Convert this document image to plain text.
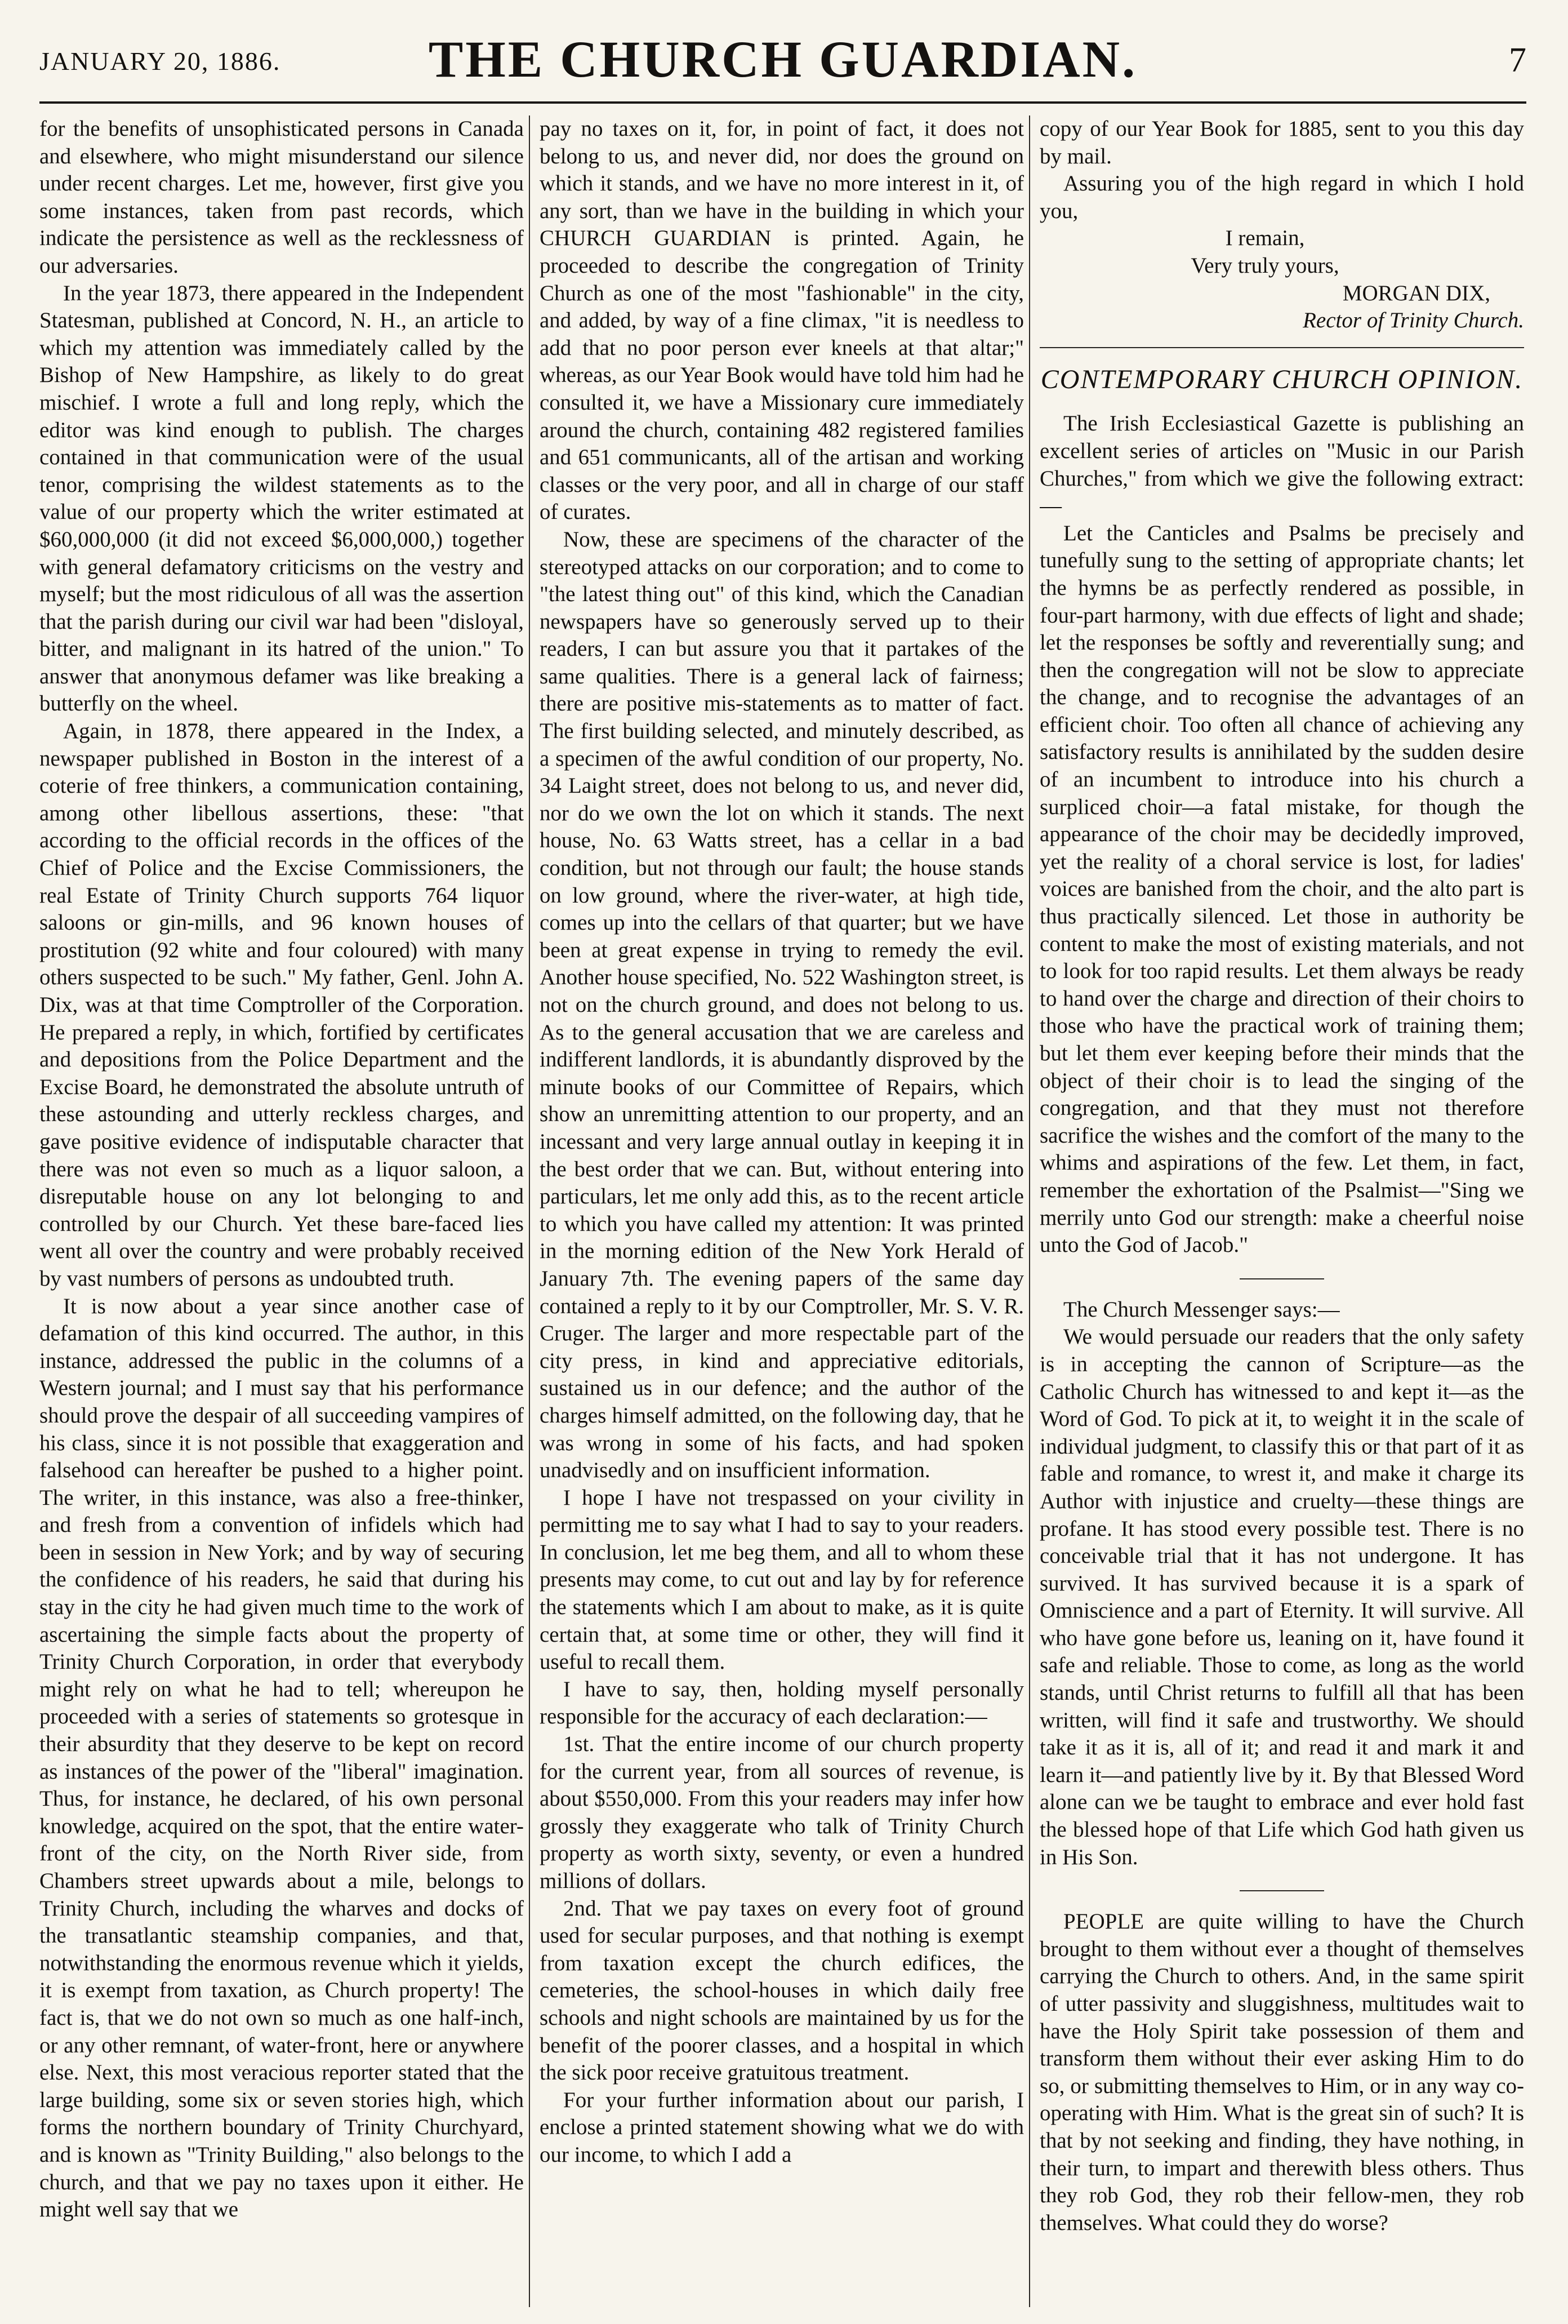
JANUARY 20, 1886.	THE CHURCH GUARDIAN.	7

for the benefits of unsophisticated persons in Canada and elsewhere, who might misunderstand our silence under recent charges. Let me, however, first give you some instances, taken from past records, which indicate the persistence as well as the recklessness of our adversaries.

In the year 1873, there appeared in the Independent Statesman, published at Concord, N. H., an article to which my attention was immediately called by the Bishop of New Hampshire, as likely to do great mischief. I wrote a full and long reply, which the editor was kind enough to publish. The charges contained in that communication were of the usual tenor, comprising the wildest statements as to the value of our property which the writer estimated at $60,000,000 (it did not exceed $6,000,000,) together with general defamatory criticisms on the vestry and myself; but the most ridiculous of all was the assertion that the parish during our civil war had been "disloyal, bitter, and malignant in its hatred of the union." To answer that anonymous defamer was like breaking a butterfly on the wheel.

Again, in 1878, there appeared in the Index, a newspaper published in Boston in the interest of a coterie of free thinkers, a communication containing, among other libellous assertions, these: "that according to the official records in the offices of the Chief of Police and the Excise Commissioners, the real Estate of Trinity Church supports 764 liquor saloons or gin-mills, and 96 known houses of prostitution (92 white and four coloured) with many others suspected to be such." My father, Genl. John A. Dix, was at that time Comptroller of the Corporation. He prepared a reply, in which, fortified by certificates and depositions from the Police Department and the Excise Board, he demonstrated the absolute untruth of these astounding and utterly reckless charges, and gave positive evidence of indisputable character that there was not even so much as a liquor saloon, a disreputable house on any lot belonging to and controlled by our Church. Yet these bare-faced lies went all over the country and were probably received by vast numbers of persons as undoubted truth.

It is now about a year since another case of defamation of this kind occurred. The author, in this instance, addressed the public in the columns of a Western journal; and I must say that his performance should prove the despair of all succeeding vampires of his class, since it is not possible that exaggeration and falsehood can hereafter be pushed to a higher point. The writer, in this instance, was also a free-thinker, and fresh from a convention of infidels which had been in session in New York; and by way of securing the confidence of his readers, he said that during his stay in the city he had given much time to the work of ascertaining the simple facts about the property of Trinity Church Corporation, in order that everybody might rely on what he had to tell; whereupon he proceeded with a series of statements so grotesque in their absurdity that they deserve to be kept on record as instances of the power of the "liberal" imagination. Thus, for instance, he declared, of his own personal knowledge, acquired on the spot, that the entire water-front of the city, on the North River side, from Chambers street upwards about a mile, belongs to Trinity Church, including the wharves and docks of the transatlantic steamship companies, and that, notwithstanding the enormous revenue which it yields, it is exempt from taxation, as Church property! The fact is, that we do not own so much as one half-inch, or any other remnant, of water-front, here or anywhere else. Next, this most veracious reporter stated that the large building, some six or seven stories high, which forms the northern boundary of Trinity Churchyard, and is known as "Trinity Building," also belongs to the church, and that we pay no taxes upon it either. He might well say that we

pay no taxes on it, for, in point of fact, it does not belong to us, and never did, nor does the ground on which it stands, and we have no more interest in it, of any sort, than we have in the building in which your CHURCH GUARDIAN is printed. Again, he proceeded to describe the congregation of Trinity Church as one of the most "fashionable" in the city, and added, by way of a fine climax, "it is needless to add that no poor person ever kneels at that altar;" whereas, as our Year Book would have told him had he consulted it, we have a Missionary cure immediately around the church, containing 482 registered families and 651 communicants, all of the artisan and working classes or the very poor, and all in charge of our staff of curates.

Now, these are specimens of the character of the stereotyped attacks on our corporation; and to come to "the latest thing out" of this kind, which the Canadian newspapers have so generously served up to their readers, I can but assure you that it partakes of the same qualities. There is a general lack of fairness; there are positive mis-statements as to matter of fact. The first building selected, and minutely described, as a specimen of the awful condition of our property, No. 34 Laight street, does not belong to us, and never did, nor do we own the lot on which it stands. The next house, No. 63 Watts street, has a cellar in a bad condition, but not through our fault; the house stands on low ground, where the river-water, at high tide, comes up into the cellars of that quarter; but we have been at great expense in trying to remedy the evil. Another house specified, No. 522 Washington street, is not on the church ground, and does not belong to us. As to the general accusation that we are careless and indifferent landlords, it is abundantly disproved by the minute books of our Committee of Repairs, which show an unremitting attention to our property, and an incessant and very large annual outlay in keeping it in the best order that we can. But, without entering into particulars, let me only add this, as to the recent article to which you have called my attention: It was printed in the morning edition of the New York Herald of January 7th. The evening papers of the same day contained a reply to it by our Comptroller, Mr. S. V. R. Cruger. The larger and more respectable part of the city press, in kind and appreciative editorials, sustained us in our defence; and the author of the charges himself admitted, on the following day, that he was wrong in some of his facts, and had spoken unadvisedly and on insufficient information.

I hope I have not trespassed on your civility in permitting me to say what I had to say to your readers. In conclusion, let me beg them, and all to whom these presents may come, to cut out and lay by for reference the statements which I am about to make, as it is quite certain that, at some time or other, they will find it useful to recall them.

I have to say, then, holding myself personally responsible for the accuracy of each declaration:—

1st. That the entire income of our church property for the current year, from all sources of revenue, is about $550,000. From this your readers may infer how grossly they exaggerate who talk of Trinity Church property as worth sixty, seventy, or even a hundred millions of dollars.

2nd. That we pay taxes on every foot of ground used for secular purposes, and that nothing is exempt from taxation except the church edifices, the cemeteries, the school-houses in which daily free schools and night schools are maintained by us for the benefit of the poorer classes, and a hospital in which the sick poor receive gratuitous treatment.

For your further information about our parish, I enclose a printed statement showing what we do with our income, to which I add a

copy of our Year Book for 1885, sent to you this day by mail.

Assuring you of the high regard in which I hold you,

I remain,

Very truly yours,

MORGAN DIX,

Rector of Trinity Church.

CONTEMPORARY CHURCH OPINION.

The Irish Ecclesiastical Gazette is publishing an excellent series of articles on "Music in our Parish Churches," from which we give the following extract:—

Let the Canticles and Psalms be precisely and tunefully sung to the setting of appropriate chants; let the hymns be as perfectly rendered as possible, in four-part harmony, with due effects of light and shade; let the responses be softly and reverentially sung; and then the congregation will not be slow to appreciate the change, and to recognise the advantages of an efficient choir. Too often all chance of achieving any satisfactory results is annihilated by the sudden desire of an incumbent to introduce into his church a surpliced choir—a fatal mistake, for though the appearance of the choir may be decidedly improved, yet the reality of a choral service is lost, for ladies' voices are banished from the choir, and the alto part is thus practically silenced. Let those in authority be content to make the most of existing materials, and not to look for too rapid results. Let them always be ready to hand over the charge and direction of their choirs to those who have the practical work of training them; but let them ever keeping before their minds that the object of their choir is to lead the singing of the congregation, and that they must not therefore sacrifice the wishes and the comfort of the many to the whims and aspirations of the few. Let them, in fact, remember the exhortation of the Psalmist—"Sing we merrily unto God our strength: make a cheerful noise unto the God of Jacob."

The Church Messenger says:—

We would persuade our readers that the only safety is in accepting the cannon of Scripture—as the Catholic Church has witnessed to and kept it—as the Word of God. To pick at it, to weight it in the scale of individual judgment, to classify this or that part of it as fable and romance, to wrest it, and make it charge its Author with injustice and cruelty—these things are profane. It has stood every possible test. There is no conceivable trial that it has not undergone. It has survived. It has survived because it is a spark of Omniscience and a part of Eternity. It will survive. All who have gone before us, leaning on it, have found it safe and reliable. Those to come, as long as the world stands, until Christ returns to fulfill all that has been written, will find it safe and trustworthy. We should take it as it is, all of it; and read it and mark it and learn it—and patiently live by it. By that Blessed Word alone can we be taught to embrace and ever hold fast the blessed hope of that Life which God hath given us in His Son.

PEOPLE are quite willing to have the Church brought to them without ever a thought of themselves carrying the Church to others. And, in the same spirit of utter passivity and sluggishness, multitudes wait to have the Holy Spirit take possession of them and transform them without their ever asking Him to do so, or submitting themselves to Him, or in any way co-operating with Him. What is the great sin of such? It is that by not seeking and finding, they have nothing, in their turn, to impart and therewith bless others. Thus they rob God, they rob their fellow-men, they rob themselves. What could they do worse?
